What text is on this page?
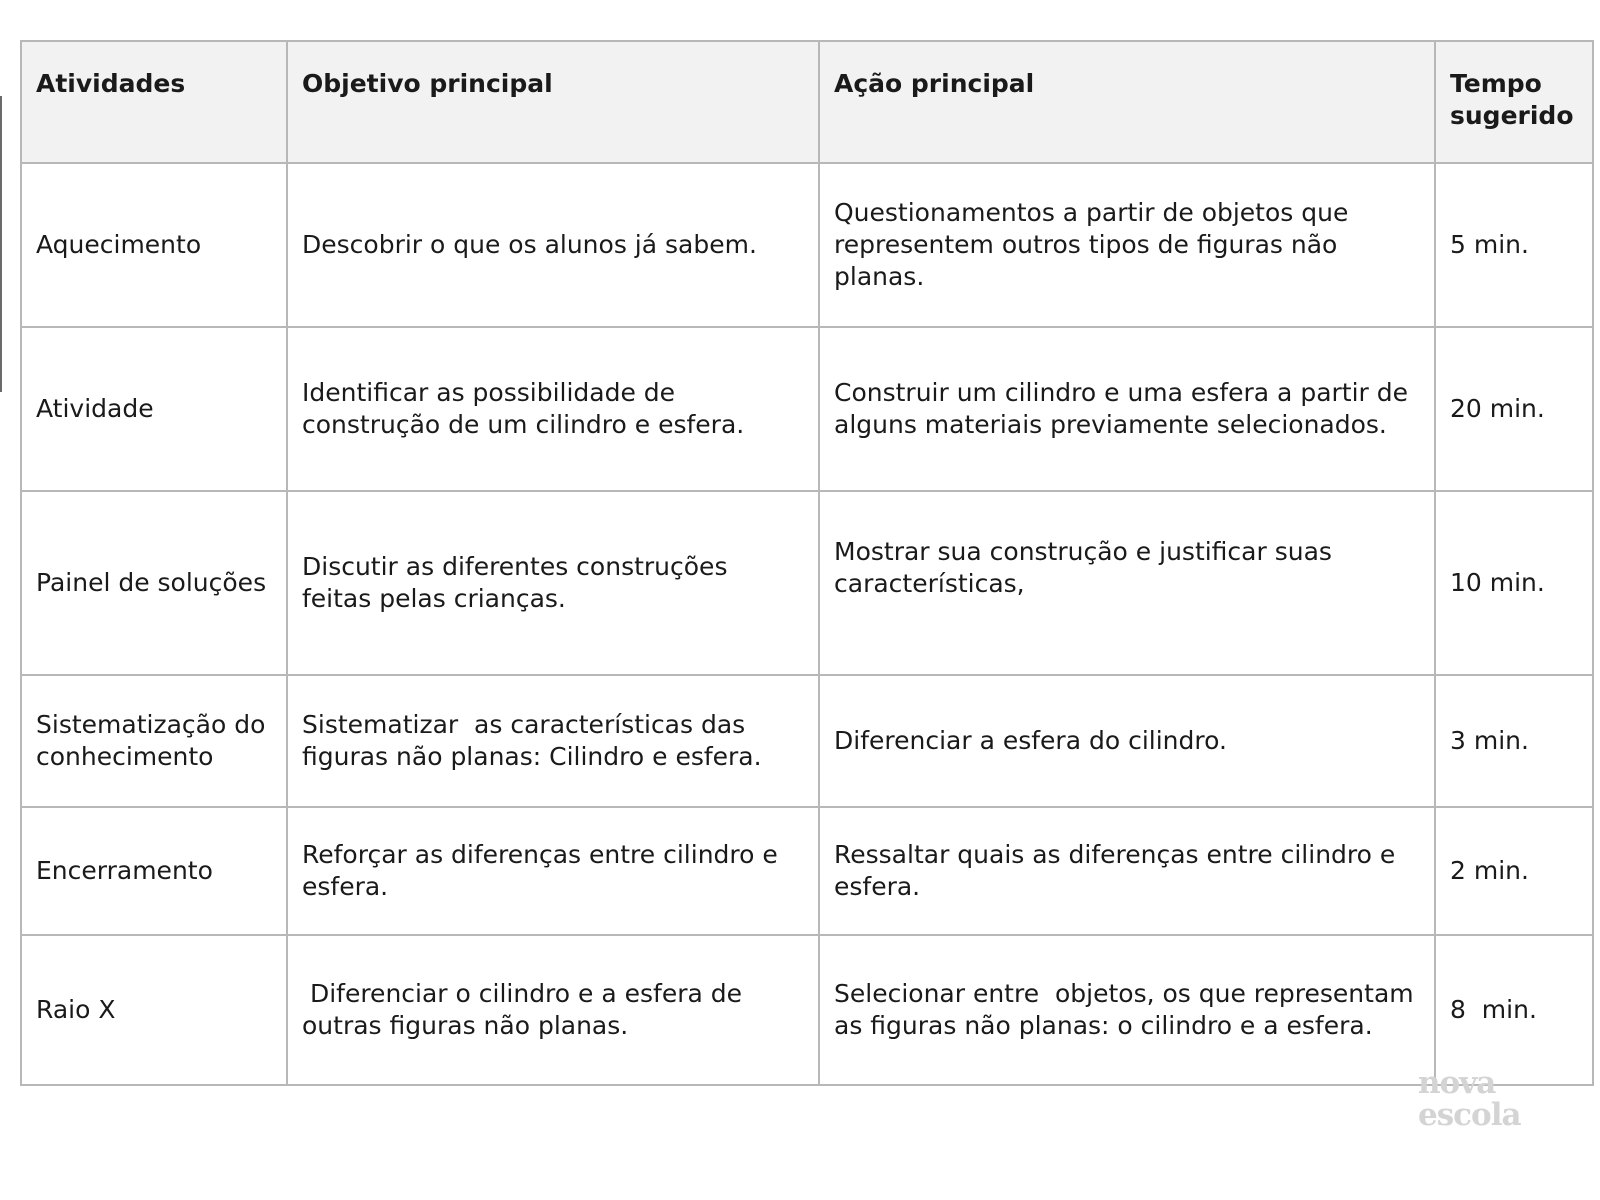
Atividades	Objetivo principal	Ação principal	Tempo sugerido
Aquecimento	Descobrir o que os alunos já sabem.	Questionamentos a partir de objetos que representem outros tipos de figuras não planas.	5 min.
Atividade	Identificar as possibilidade de construção de um cilindro e esfera.	Construir um cilindro e uma esfera a partir de alguns materiais previamente selecionados.	20 min.
Painel de soluções	Discutir as diferentes construções feitas pelas crianças.	Mostrar sua construção e justificar suas características,	10 min.
Sistematização do conhecimento	Sistematizar  as características das figuras não planas: Cilindro e esfera.	Diferenciar a esfera do cilindro.	3 min.
Encerramento	Reforçar as diferenças entre cilindro e esfera.	Ressaltar quais as diferenças entre cilindro e esfera.	2 min.
Raio X	Diferenciar o cilindro e a esfera de outras figuras não planas.	Selecionar entre  objetos, os que representam as figuras não planas: o cilindro e a esfera.	8  min.
nova
escola
